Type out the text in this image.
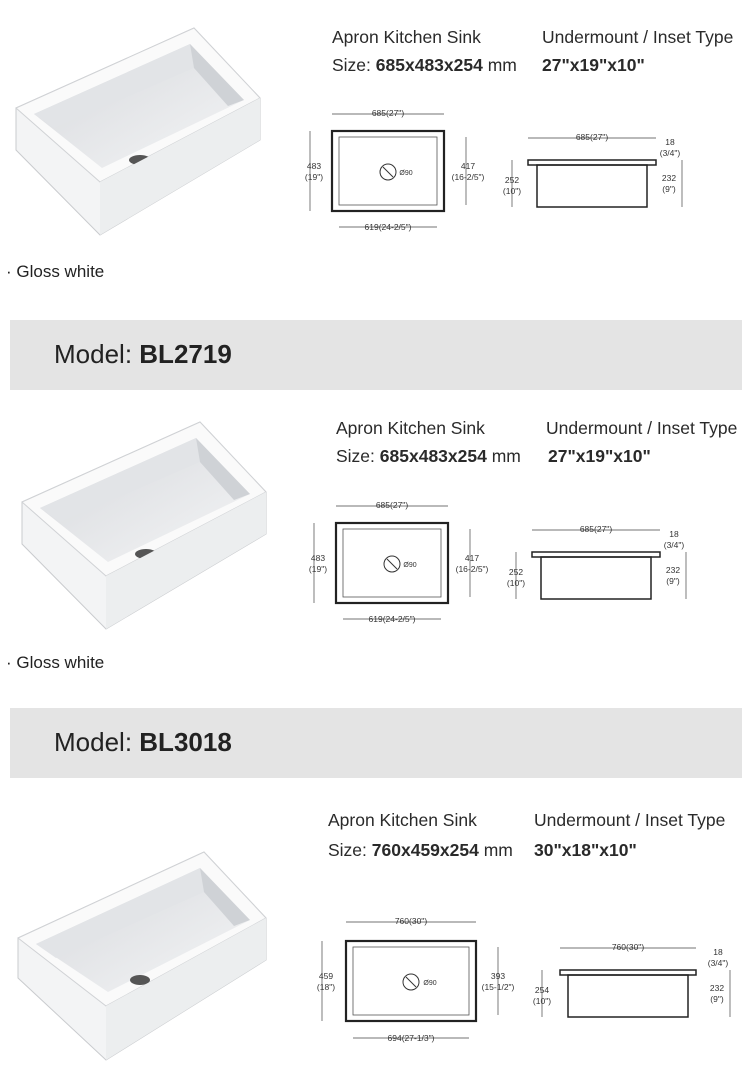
Apron Kitchen Sink	Undermount / Inset Type
Size: 685x483x254 mm 27"x19"x10"
685(27")
483
(19")
417
(16-2/5")
619(24-2/5")
Ø90
685(27")
252
(10")
18
(3/4")
232
(9")
· Gloss white
Model: BL2719
Apron Kitchen Sink	Undermount / Inset Type
Size: 685x483x254 mm 27"x19"x10"
685(27")
483
(19")
417
(16-2/5")
619(24-2/5")
Ø90
685(27")
252
(10")
18
(3/4")
232
(9")
· Gloss white
Model: BL3018
Apron Kitchen Sink	Undermount / Inset Type
Size: 760x459x254 mm 30"x18"x10"
760(30")
459
(18")
393
(15-1/2")
694(27-1/3")
Ø90
760(30")
254
(10")
18
(3/4")
232
(9")
